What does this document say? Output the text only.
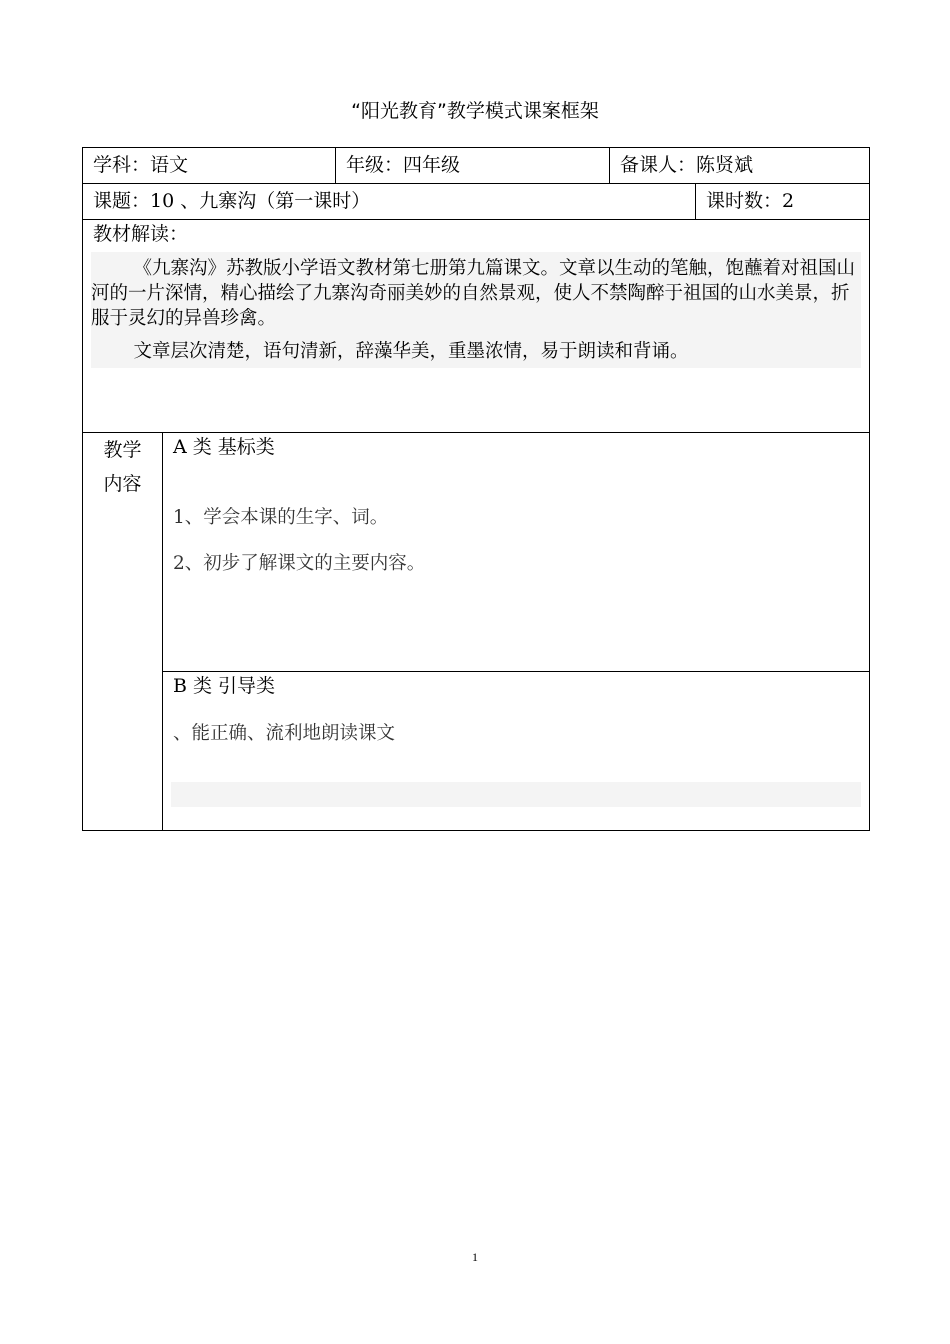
“阳光教育”教学模式课案框架
学科：语文		年级：四年级	备课人：陈贤斌	
课题：10 、九寨沟（第一课时）				课时数：2

教材解读：

《九寨沟》苏教版小学语文教材第七册第九篇课文。文章以生动的笔触，饱蘸着对祖国山河的一片深情，精心描绘了九寨沟奇丽美妙的自然景观，使人不禁陶醉于祖国的山水美景，折服于灵幻的异兽珍禽。

文章层次清楚，语句清新，辞藻华美，重墨浓情，易于朗读和背诵。				

教学内容	A 类 基标类
1、学会本课的生字、词。
2、初步了解课文的主要内容。			

	B 类 引导类
、能正确、流利地朗读课文			
1
